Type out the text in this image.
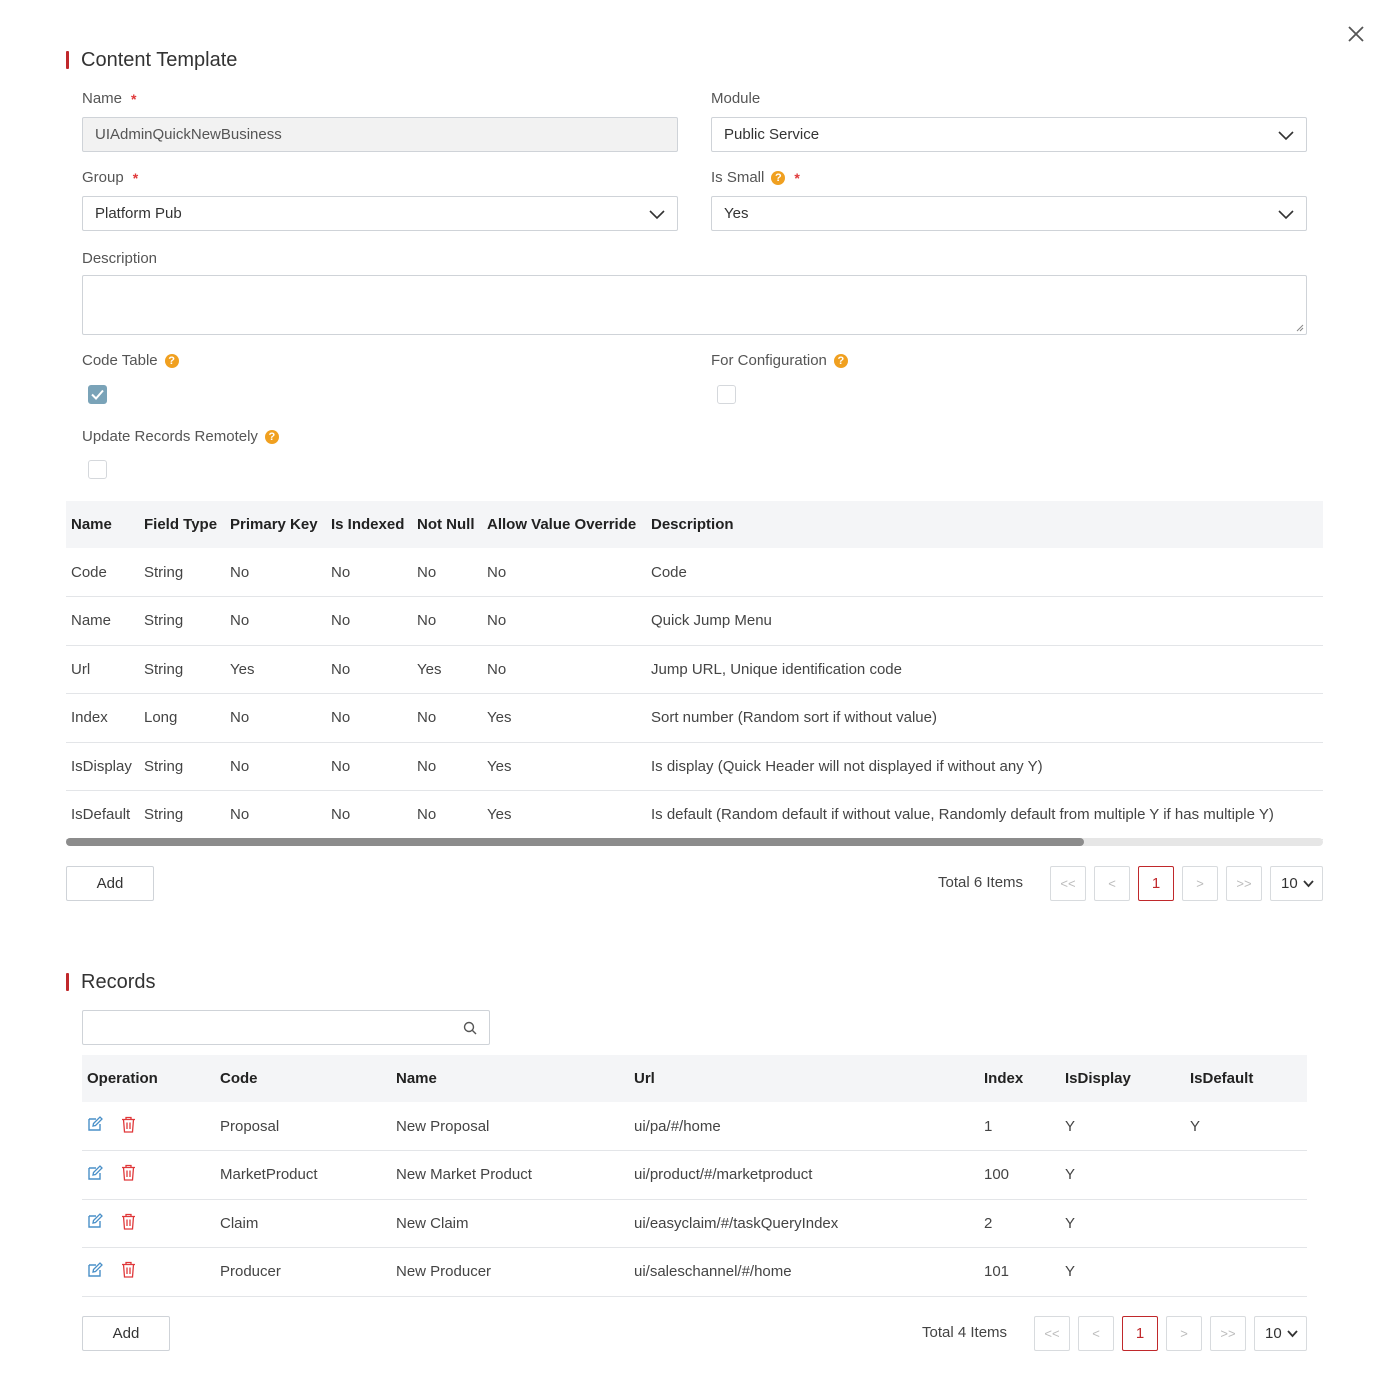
Content Template
Name *
UIAdminQuickNewBusiness
Module
Public Service
Group *
Platform Pub
Is Small ? *
Yes
Description
Code Table ?	For Configuration ?
Update Records Remotely ?
Name	Field Type	Primary Key	Is Indexed	Not Null	Allow Value Override	Description
Code	String	No	No	No	No	Code
Name	String	No	No	No	No	Quick Jump Menu
Url	String	Yes	No	Yes	No	Jump URL, Unique identification code
Index	Long	No	No	No	Yes	Sort number (Random sort if without value)
IsDisplay	String	No	No	No	Yes	Is display (Quick Header will not displayed if without any Y)
IsDefault	String	No	No	No	Yes	Is default (Random default if without value, Randomly default from multiple Y if has multiple Y)
Add	Total 6 Items	<<	<	1	>	>>	10
Records
Operation	Code	Name	Url	Index	IsDisplay	IsDefault

	Proposal	New Proposal	ui/pa/#/home	1	Y	Y

	MarketProduct	New Market Product	ui/product/#/marketproduct	100	Y	

	Claim	New Claim	ui/easyclaim/#/taskQueryIndex	2	Y	

	Producer	New Producer	ui/saleschannel/#/home	101	Y	
Add	Total 4 Items	<<	<	1	>	>>	10
